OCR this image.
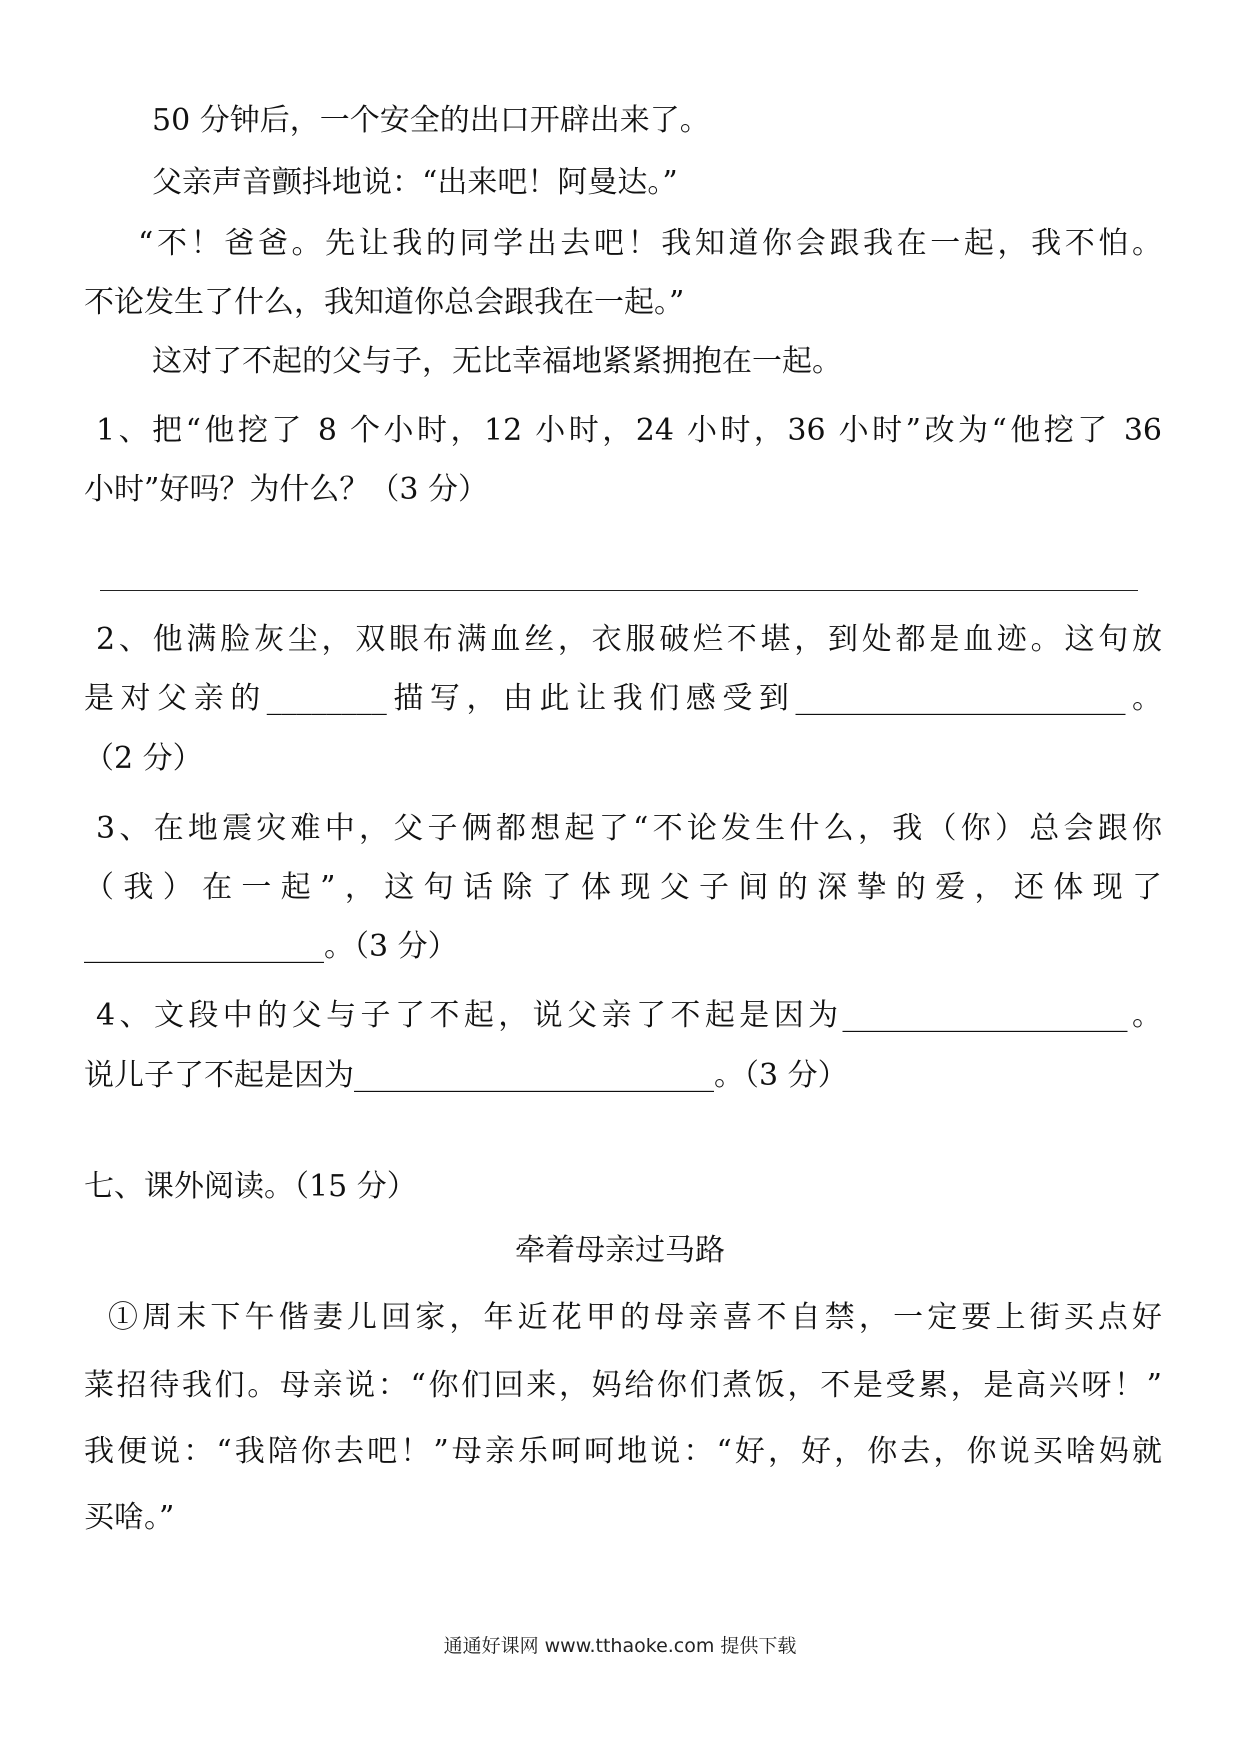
50 分钟后，一个安全的出口开辟出来了。
父亲声音颤抖地说：“出来吧！阿曼达。”
“不！爸爸。先让我的同学出去吧！我知道你会跟我在一起，我不怕。
不论发生了什么，我知道你总会跟我在一起。”
这对了不起的父与子，无比幸福地紧紧拥抱在一起。
1、把“他挖了 8 个小时，12 小时，24 小时，36 小时”改为“他挖了 36
小时”好吗？为什么？（3 分）
2、他满脸灰尘，双眼布满血丝，衣服破烂不堪，到处都是血迹。这句放
是对父亲的________描写，由此让我们感受到______________________。
（2 分）
3、在地震灾难中，父子俩都想起了“不论发生什么，我（你）总会跟你
（我）在一起”，这句话除了体现父子间的深挚的爱，还体现了
________________。（3 分）
4、文段中的父与子了不起，说父亲了不起是因为___________________。
说儿子了不起是因为________________________。（3 分）
七、课外阅读。（15 分）
牵着母亲过马路
①周末下午偕妻儿回家，年近花甲的母亲喜不自禁，一定要上街买点好
菜招待我们。母亲说：“你们回来，妈给你们煮饭，不是受累，是高兴呀！”
我便说：“我陪你去吧！”母亲乐呵呵地说：“好，好，你去，你说买啥妈就
买啥。”
通通好课网 www.tthaoke.com 提供下载
